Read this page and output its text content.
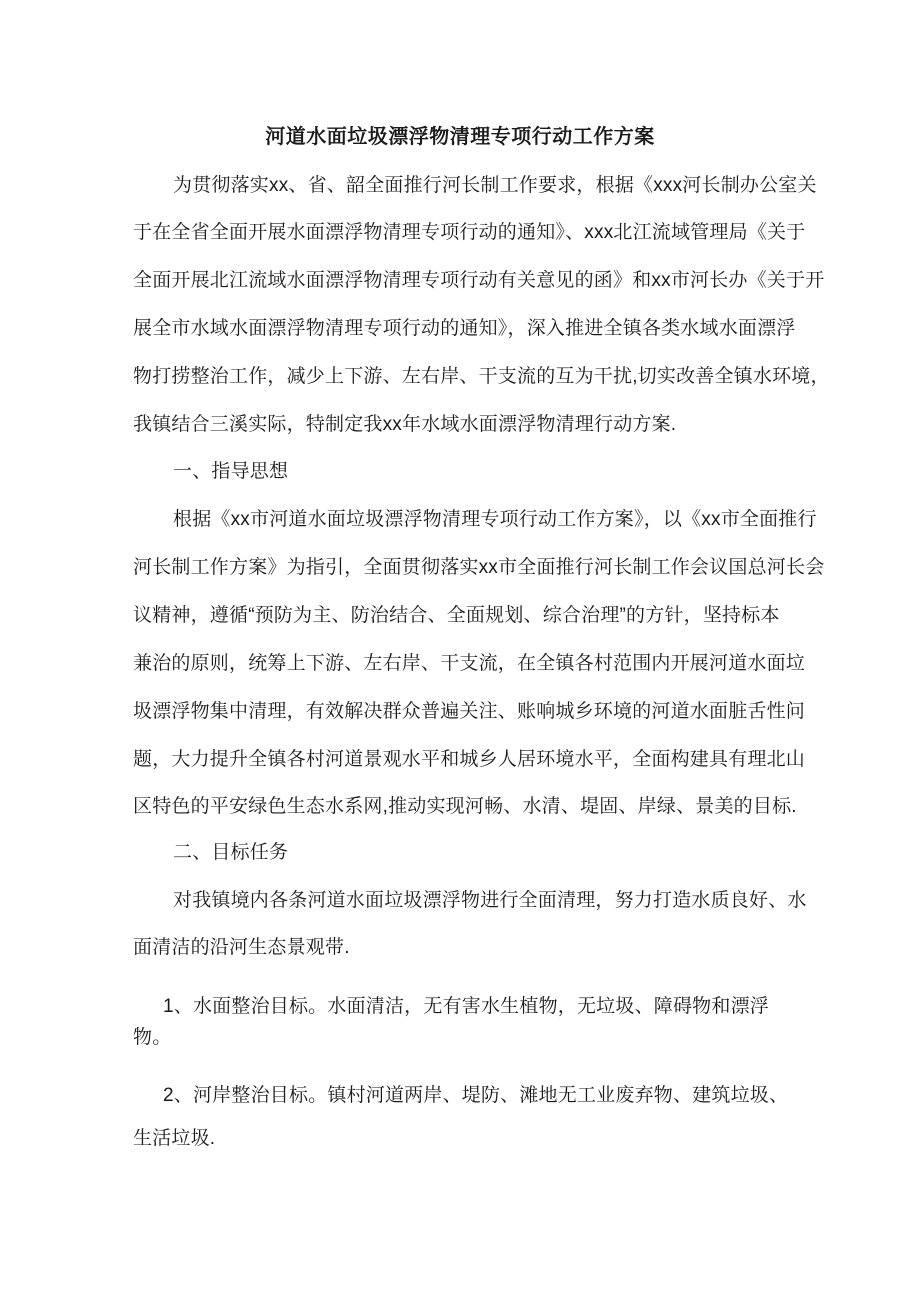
河道水面垃圾漂浮物清理专项行动工作方案
为贯彻落实xx、省、韶全面推行河长制工作要求，根据《xxx河长制办公室关
于在全省全面开展水面漂浮物清理专项行动的通知》、xxx北江流域管理局《关于
全面开展北江流域水面漂浮物清理专项行动有关意见的函》和xx市河长办《关于开
展全市水域水面漂浮物清理专项行动的通知》，深入推进全镇各类水域水面漂浮
物打捞整治工作，减少上下游、左右岸、干支流的互为干扰,切实改善全镇水环境，
我镇结合三溪实际，特制定我xx年水域水面漂浮物清理行动方案.
一、指导思想
根据《xx市河道水面垃圾漂浮物清理专项行动工作方案》，以《xx市全面推行
河长制工作方案》为指引，全面贯彻落实xx市全面推行河长制工作会议国总河长会
议精神，遵循“预防为主、防治结合、全面规划、综合治理”的方针，坚持标本
兼治的原则，统筹上下游、左右岸、干支流，在全镇各村范围内开展河道水面垃
圾漂浮物集中清理，有效解决群众普遍关注、账响城乡环境的河道水面脏舌性问
题，大力提升全镇各村河道景观水平和城乡人居环境水平，全面构建具有理北山
区特色的平安绿色生态水系网,推动实现河畅、水清、堤固、岸绿、景美的目标.
二、目标任务
对我镇境内各条河道水面垃圾漂浮物进行全面清理，努力打造水质良好、水
面清洁的沿河生态景观带.
1、水面整治目标。水面清洁，无有害水生植物，无垃圾、障碍物和漂浮
物。
2、河岸整治目标。镇村河道两岸、堤防、滩地无工业废弃物、建筑垃圾、
生活垃圾.
